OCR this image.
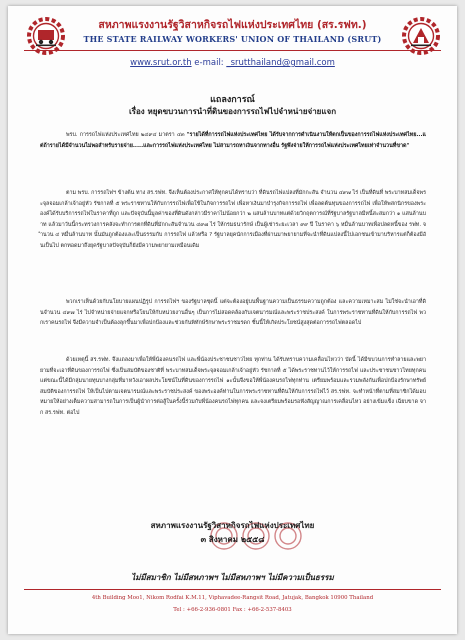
สหภาพแรงงานรัฐวิสาหกิจรถไฟแห่งประเทศไทย (สร.รฟท.)
THE STATE RAILWAY WORKERS' UNION OF THAILAND (SRUT)
www.srut.or.th e-mail: _srutthailand@gmail.com
แถลงการณ์
เรื่อง หยุดขบวนการนำที่ดินของการรถไฟไปจำหน่ายจ่ายแจก
พรบ. การรถไฟแห่งประเทศไทย ๒๔๙๔ มาตรา ๔๓ "รายได้ที่การรถไฟแห่งประเทศไทย ได้รับจากการดำเนินงานให้ตกเป็นของการรถไฟแห่งประเทศไทย...แต่ถ้ารายได้มีจำนวนไม่พอสำหรับรายจ่าย.....และการรถไฟแห่งประเทศไทย ไม่สามารถหาเงินจากทางอื่น รัฐพึงจ่ายให้การรถไฟแห่งประเทศไทยเท่าจำนวนที่ขาด"
ตาม พรบ. การรถไฟฯ ข้างต้น ทาง สร.รฟท. จึงเห็นต้องประกาศให้ทุกคนได้ทราบว่า ที่ดินรถไฟแปลงที่มักกะสัน จำนวน ๔๙๗ ไร่ เป็นที่ดินที่ พระบาทสมเด็จพระจุลจอมเกล้าเจ้าอยู่หัว รัชกาลที่ ๕ พระราชทานให้กับการรถไฟเพื่อใช้ในกิจการรถไฟ เพื่อหาเงินมาบำรุงกิจการรถไฟ เพื่อลดต้นทุนของการรถไฟ เพื่อให้พสกนิกรของพระองค์ได้รับบริการรถไฟในราคาที่ถูก และปัจจุบันนี้มูลค่าของที่ดินดังกล่าวมีราคาไม่น้อยกว่า ๒ แสนล้านบาทแต่ด้วยวิกฤตการณ์ที่รัฐบาลรัฐบาลมีหนี้สะสมกว่า ๑ แสนล้านบาท แล้วมาวันนี้กระทรวงการคลังจะทำการตกที่ดินที่มักกะสันจำนวน ๔๙๗ ไร่ ให้กรมธนารักษ์ เป็นผู้เช่าระยะเวลา ๙๙ ปี ในราคา ๖ หมื่นล้านบาทเพื่อปลดหนี้ของ รฟท. จำนวน ๔ หมื่นล้านบาท นั้นมันถูกต้องและเป็นธรรมกับ การรถไฟ แล้วหรือ ? รัฐบาลยุคนักการเมืองที่ผ่านมาพยายามที่จะนำที่ดินแปลงนี้ไปเอกชนเข้ามาบริหารแต่ก็ต้องมีอันเป็นไป ตกทอดมาถึงยุครัฐบาลปัจจุบันก็ยังมีความพยายามเหมือนเดิม
พวกเราเห็นด้วยกับนโยบายแผนปฏิรูป การรถไฟฯ ของรัฐบาลชุดนี้ แต่จะต้องอยู่บนพื้นฐานความเป็นธรรมความถูกต้อง และความเหมาะสม ไม่ใช่จะนำเอาที่ดินจำนวน ๔๙๗ ไร่ ไปจำหน่ายจ่ายแจกหรือโยนให้กับหน่วยงานอื่นๆ เป็นการไม่สอดคล้องกับเจตนารมณ์และพระราชประสงค์ ในการพระราชทานที่ดินให้กับการรถไฟ พวกเราคนรถไฟ จึงมีความจำเป็นต้องลุกขึ้นมาเพื่อปกป้องและช่วยกันพิทักษ์รักษาพระราชมรดก ชิ้นนี้ให้เกิดประโยชน์สูงสุดต่อการรถไฟตลอดไป
ด้วยเหตุนี้ สร.รฟท. จึงแถลงมาเพื่อให้พี่น้องคนรถไฟ และพี่น้องประชาชนชาวไทย ทุกท่าน ได้รับทราบความเคลื่อนไหวว่า บัดนี้ ได้มีขบวนการทำลายและพยายามที่จะเอาที่ดินของการรถไฟ ซึ่งเป็นสมบัติของชาติที่ พระบาทสมเด็จพระจุลจอมเกล้าเจ้าอยู่หัว รัชกาลที่ ๕ ได้พระราชทานไว้ให้การรถไฟ และประชาชนชาวไทยทุกคน แต่ขณะนี้ได้มีกลุ่มนายทุนบางกลุ่มที่มาหวังเอาผลประโยชน์ในที่ดินของการรถไฟ ๑ะนั้นจึงขอให้พี่น้องคนรถไฟทุกท่าน เตรียมพร้อมและรวมพลังกันเพื่อปกป้องรักษาทรัพย์สมบัติของการรถไฟ ให้เป็นไปตามเจตนารมณ์และพระราชประสงค์ ของพระองค์ท่านในการพระราชทานที่ดินให้กับการรถไฟไว้ สร.รฟท. จะทำหน้าที่ตามที่สมาชิกได้มอบหมายให้อย่างเต็มความสามารถในการเป็นผู้นำการต่อสู้ในครั้งนี้ร่วมกับพี่น้องคนรถไฟทุกคน และจงเตรียมพร้อมรอฟังสัญญาณการเคลื่อนไหว อย่างเข้มแข็ง เฉียบขาด จาก สร.รฟท. ต่อไป
สหภาพแรงงานรัฐวิสาหกิจรถไฟแห่งประเทศไทย
๓ สิงหาคม ๒๕๕๘
ไม่มีสมาชิก ไม่มีสหภาพฯ ไม่มีสหภาพฯ ไม่มีความเป็นธรรม
4th Building Moo1, Nikom Rodfai K.M.11, Viphavadee-Rangsit Road, Jatujak, Bangkok 10900 Thailand
Tel : +66-2-936-0801 Fax : +66-2-537-8403
